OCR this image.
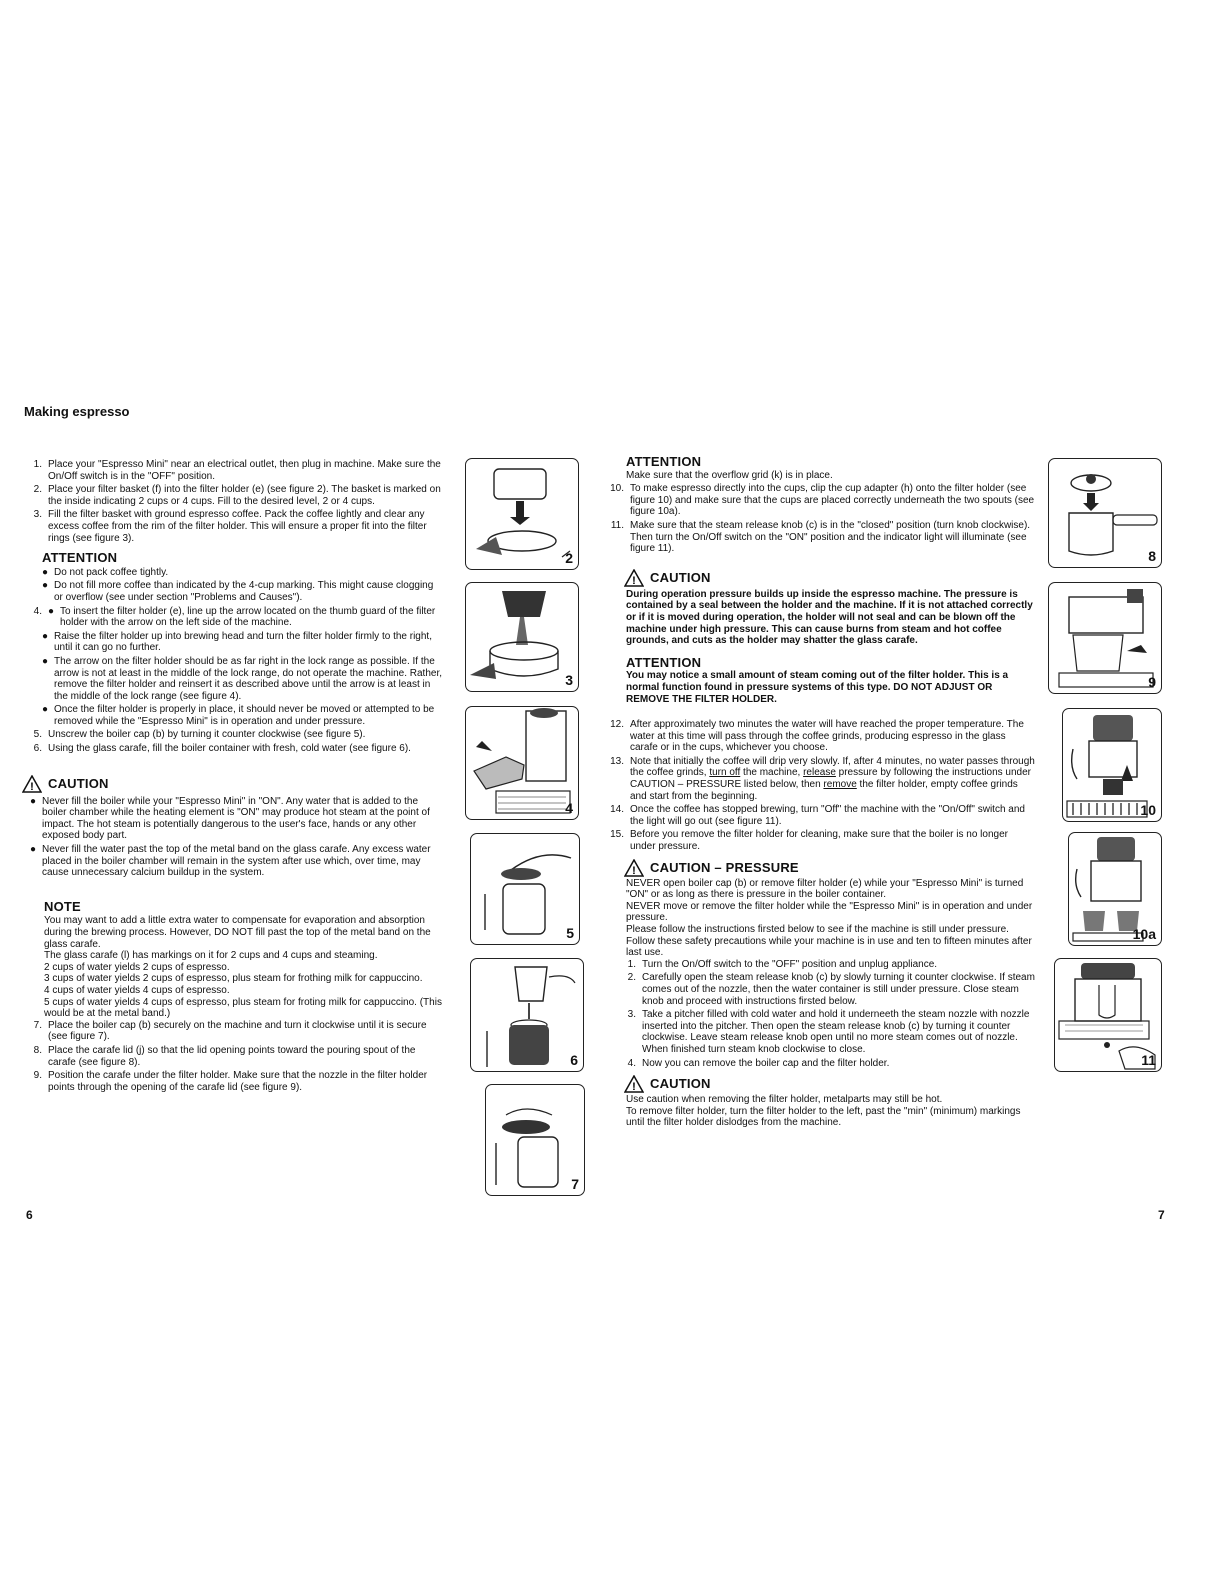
Making espresso
1. Place your "Espresso Mini" near an electrical outlet, then plug in machine. Make sure the On/Off switch is in the "OFF" position.
2. Place your filter basket (f) into the filter holder (e) (see figure 2). The basket is marked on the inside indicating 2 cups or 4 cups. Fill to the desired level, 2 or 4 cups.
3. Fill the filter basket with ground espresso coffee. Pack the coffee lightly and clear any excess coffee from the rim of the filter holder. This will ensure a proper fit into the filter rings (see figure 3).
ATTENTION
● Do not pack coffee tightly.
● Do not fill more coffee than indicated by the 4-cup marking. This might cause clogging or overflow (see under section "Problems and Causes").
4. ● To insert the filter holder (e), line up the arrow located on the thumb guard of the filter holder with the arrow on the left side of the machine.
● Raise the filter holder up into brewing head and turn the filter holder firmly to the right, until it can go no further.
● The arrow on the filter holder should be as far right in the lock range as possible. If the arrow is not at least in the middle of the lock range, do not operate the machine. Rather, remove the filter holder and reinsert it as described above until the arrow is at least in the middle of the lock range (see figure 4).
● Once the filter holder is properly in place, it should never be moved or attempted to be removed while the "Espresso Mini" is in operation and under pressure.
5. Unscrew the boiler cap (b) by turning it counter clockwise (see figure 5).
6. Using the glass carafe, fill the boiler container with fresh, cold water (see figure 6).
! CAUTION
● Never fill the boiler while your "Espresso Mini" in "ON". Any water that is added to the boiler chamber while the heating element is "ON" may produce hot steam at the point of impact. The hot steam is potentially dangerous to the user's face, hands or any other exposed body part.
● Never fill the water past the top of the metal band on the glass carafe. Any excess water placed in the boiler chamber will remain in the system after use which, over time, may cause unnecessary calcium buildup in the system.
NOTE
You may want to add a little extra water to compensate for evaporation and absorption during the brewing process. However, DO NOT fill past the top of the metal band on the glass carafe.
The glass carafe (l) has markings on it for 2 cups and 4 cups and steaming.
2 cups of water yields 2 cups of espresso.
3 cups of water yields 2 cups of espresso, plus steam for frothing milk for cappuccino.
4 cups of water yields 4 cups of espresso.
5 cups of water yields 4 cups of espresso, plus steam for froting milk for cappuccino. (This would be at the metal band.)
7. Place the boiler cap (b) securely on the machine and turn it clockwise until it is secure (see figure 7).
8. Place the carafe lid (j) so that the lid opening points toward the pouring spout of the carafe (see figure 8).
9. Position the carafe under the filter holder. Make sure that the nozzle in the filter holder points through the opening of the carafe lid (see figure 9).
6
2
3
4
5
6
7
ATTENTION
Make sure that the overflow grid (k) is in place.
10. To make espresso directly into the cups, clip the cup adapter (h) onto the filter holder (see figure 10) and make sure that the cups are placed correctly underneath the two spouts (see figure 10a).
11. Make sure that the steam release knob (c) is in the "closed" position (turn knob clockwise). Then turn the On/Off switch on the "ON" position and the indicator light will illuminate (see figure 11).
! CAUTION
During operation pressure builds up inside the espresso machine. The pressure is contained by a seal between the holder and the machine. If it is not attached correctly or if it is moved during operation, the holder will not seal and can be blown off the machine under high pressure. This can cause burns from steam and hot coffee grounds, and cuts as the holder may shatter the glass carafe.
ATTENTION
You may notice a small amount of steam coming out of the filter holder. This is a normal function found in pressure systems of this type. DO NOT ADJUST OR REMOVE THE FILTER HOLDER.
12. After approximately two minutes the water will have reached the proper temperature. The water at this time will pass through the coffee grinds, producing espresso in the glass carafe or in the cups, whichever you choose.
13. Note that initially the coffee will drip very slowly. If, after 4 minutes, no water passes through the coffee grinds, turn off the machine, release pressure by following the instructions under CAUTION – PRESSURE listed below, then remove the filter holder, empty coffee grinds and start from the beginning.
14. Once the coffee has stopped brewing, turn "Off" the machine with the "On/Off" switch and the light will go out (see figure 11).
15. Before you remove the filter holder for cleaning, make sure that the boiler is no longer under pressure.
! CAUTION – PRESSURE
NEVER open boiler cap (b) or remove filter holder (e) while your "Espresso Mini" is turned "ON" or as long as there is pressure in the boiler container.
NEVER move or remove the filter holder while the "Espresso Mini" is in operation and under pressure.
Please follow the instructions firsted below to see if the machine is still under pressure. Follow these safety precautions while your machine is in use and ten to fifteen minutes after last use.
1. Turn the On/Off switch to the "OFF" position and unplug appliance.
2. Carefully open the steam release knob (c) by slowly turning it counter clockwise. If steam comes out of the nozzle, then the water container is still under pressure. Close steam knob and proceed with instructions firsted below.
3. Take a pitcher filled with cold water and hold it underneeth the steam nozzle with nozzle inserted into the pitcher. Then open the steam release knob (c) by turning it counter clockwise. Leave steam release knob open until no more steam comes out of nozzle. When finished turn steam knob clockwise to close.
4. Now you can remove the boiler cap and the filter holder.
! CAUTION
Use caution when removing the filter holder, metalparts may still be hot.
To remove filter holder, turn the filter holder to the left, past the "min" (minimum) markings until the filter holder dislodges from the machine.
7
8
9
10
10a
11
